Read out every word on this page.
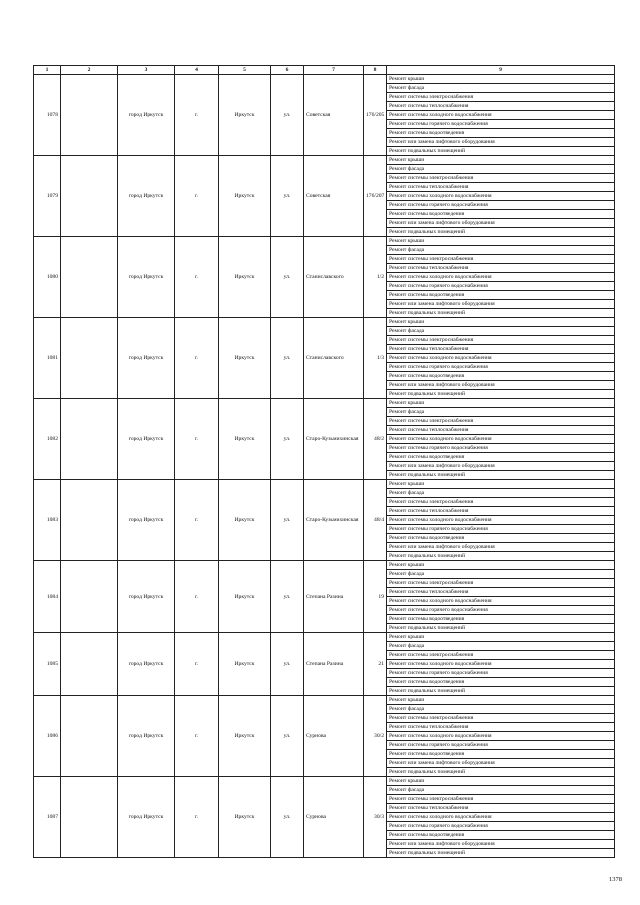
1	2	3	4	5	6	7	8	9
1078		город Иркутск	г.	Иркутск	ул.	Советская	176/205	Ремонт крыши
								Ремонт фасада
								Ремонт системы электроснабжения
								Ремонт системы теплоснабжения
								Ремонт системы холодного водоснабжения
								Ремонт системы горячего водоснабжения
								Ремонт системы водоотведения
								Ремонт или замена лифтового оборудования
								Ремонт подвальных помещений
1079		город Иркутск	г.	Иркутск	ул.	Советская	176/207	Ремонт крыши
								Ремонт фасада
								Ремонт системы электроснабжения
								Ремонт системы теплоснабжения
								Ремонт системы холодного водоснабжения
								Ремонт системы горячего водоснабжения
								Ремонт системы водоотведения
								Ремонт или замена лифтового оборудования
								Ремонт подвальных помещений
1080		город Иркутск	г.	Иркутск	ул.	Станиславского	1/2	Ремонт крыши
								Ремонт фасада
								Ремонт системы электроснабжения
								Ремонт системы теплоснабжения
								Ремонт системы холодного водоснабжения
								Ремонт системы горячего водоснабжения
								Ремонт системы водоотведения
								Ремонт или замена лифтового оборудования
								Ремонт подвальных помещений
1081		город Иркутск	г.	Иркутск	ул.	Станиславского	1/3	Ремонт крыши
								Ремонт фасада
								Ремонт системы электроснабжения
								Ремонт системы теплоснабжения
								Ремонт системы холодного водоснабжения
								Ремонт системы горячего водоснабжения
								Ремонт системы водоотведения
								Ремонт или замена лифтового оборудования
								Ремонт подвальных помещений
1082		город Иркутск	г.	Иркутск	ул.	Старо-Кузьмихинская	48/2	Ремонт крыши
								Ремонт фасада
								Ремонт системы электроснабжения
								Ремонт системы теплоснабжения
								Ремонт системы холодного водоснабжения
								Ремонт системы горячего водоснабжения
								Ремонт системы водоотведения
								Ремонт или замена лифтового оборудования
								Ремонт подвальных помещений
1083		город Иркутск	г.	Иркутск	ул.	Старо-Кузьмихинская	48/4	Ремонт крыши
								Ремонт фасада
								Ремонт системы электроснабжения
								Ремонт системы теплоснабжения
								Ремонт системы холодного водоснабжения
								Ремонт системы горячего водоснабжения
								Ремонт системы водоотведения
								Ремонт или замена лифтового оборудования
								Ремонт подвальных помещений
1084		город Иркутск	г.	Иркутск	ул.	Степана Разина	19	Ремонт крыши
								Ремонт фасада
								Ремонт системы электроснабжения
								Ремонт системы теплоснабжения
								Ремонт системы холодного водоснабжения
								Ремонт системы горячего водоснабжения
								Ремонт системы водоотведения
								Ремонт подвальных помещений
1085		город Иркутск	г.	Иркутск	ул.	Степана Разина	21	Ремонт крыши
								Ремонт фасада
								Ремонт системы электроснабжения
								Ремонт системы холодного водоснабжения
								Ремонт системы горячего водоснабжения
								Ремонт системы водоотведения
								Ремонт подвальных помещений
1086		город Иркутск	г.	Иркутск	ул.	Сурнова	30/2	Ремонт крыши
								Ремонт фасада
								Ремонт системы электроснабжения
								Ремонт системы теплоснабжения
								Ремонт системы холодного водоснабжения
								Ремонт системы горячего водоснабжения
								Ремонт системы водоотведения
								Ремонт или замена лифтового оборудования
								Ремонт подвальных помещений
1087		город Иркутск	г.	Иркутск	ул.	Сурнова	30/3	Ремонт крыши
								Ремонт фасада
								Ремонт системы электроснабжения
								Ремонт системы теплоснабжения
								Ремонт системы холодного водоснабжения
								Ремонт системы горячего водоснабжения
								Ремонт системы водоотведения
								Ремонт или замена лифтового оборудования
								Ремонт подвальных помещений
1378
